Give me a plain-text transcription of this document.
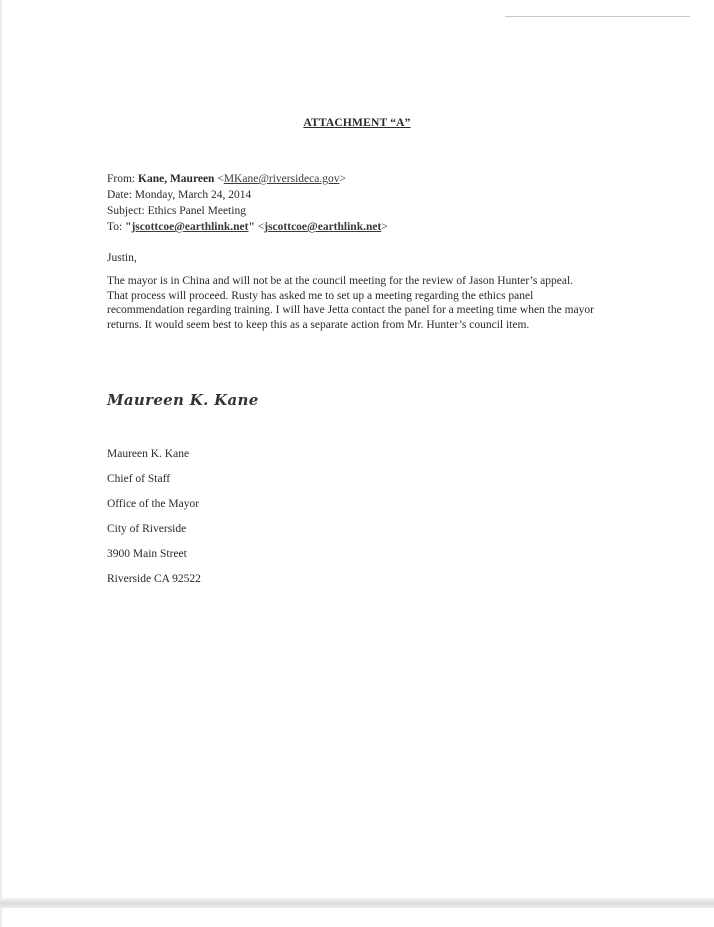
ATTACHMENT “A”
From: Kane, Maureen <MKane@riversideca.gov>
Date: Monday, March 24, 2014
Subject: Ethics Panel Meeting
To: "jscottcoe@earthlink.net" <jscottcoe@earthlink.net>
Justin,
The mayor is in China and will not be at the council meeting for the review of Jason Hunter’s appeal. That process will proceed. Rusty has asked me to set up a meeting regarding the ethics panel recommendation regarding training. I will have Jetta contact the panel for a meeting time when the mayor returns. It would seem best to keep this as a separate action from Mr. Hunter’s council item.
Maureen K. Kane
Maureen K. Kane
Chief of Staff
Office of the Mayor
City of Riverside
3900 Main Street
Riverside CA 92522
